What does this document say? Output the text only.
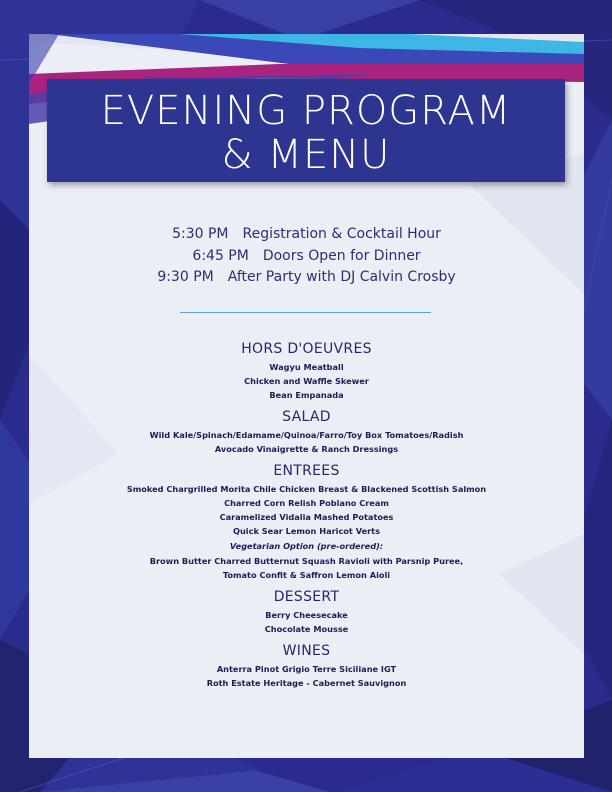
EVENING PROGRAM
& MENU
5:30 PM Registration & Cocktail Hour
6:45 PM Doors Open for Dinner
9:30 PM After Party with DJ Calvin Crosby
HORS D'OEUVRES
Wagyu Meatball
Chicken and Waffle Skewer
Bean Empanada
SALAD
Wild Kale/Spinach/Edamame/Quinoa/Farro/Toy Box Tomatoes/Radish
Avocado Vinaigrette & Ranch Dressings
ENTREES
Smoked Chargrilled Morita Chile Chicken Breast & Blackened Scottish Salmon
Charred Corn Relish Poblano Cream
Caramelized Vidalia Mashed Potatoes
Quick Sear Lemon Haricot Verts
Vegetarian Option (pre-ordered):
Brown Butter Charred Butternut Squash Ravioli with Parsnip Puree,
Tomato Confit & Saffron Lemon Aioli
DESSERT
Berry Cheesecake
Chocolate Mousse
WINES
Anterra Pinot Grigio Terre Siciliane IGT
Roth Estate Heritage - Cabernet Sauvignon
